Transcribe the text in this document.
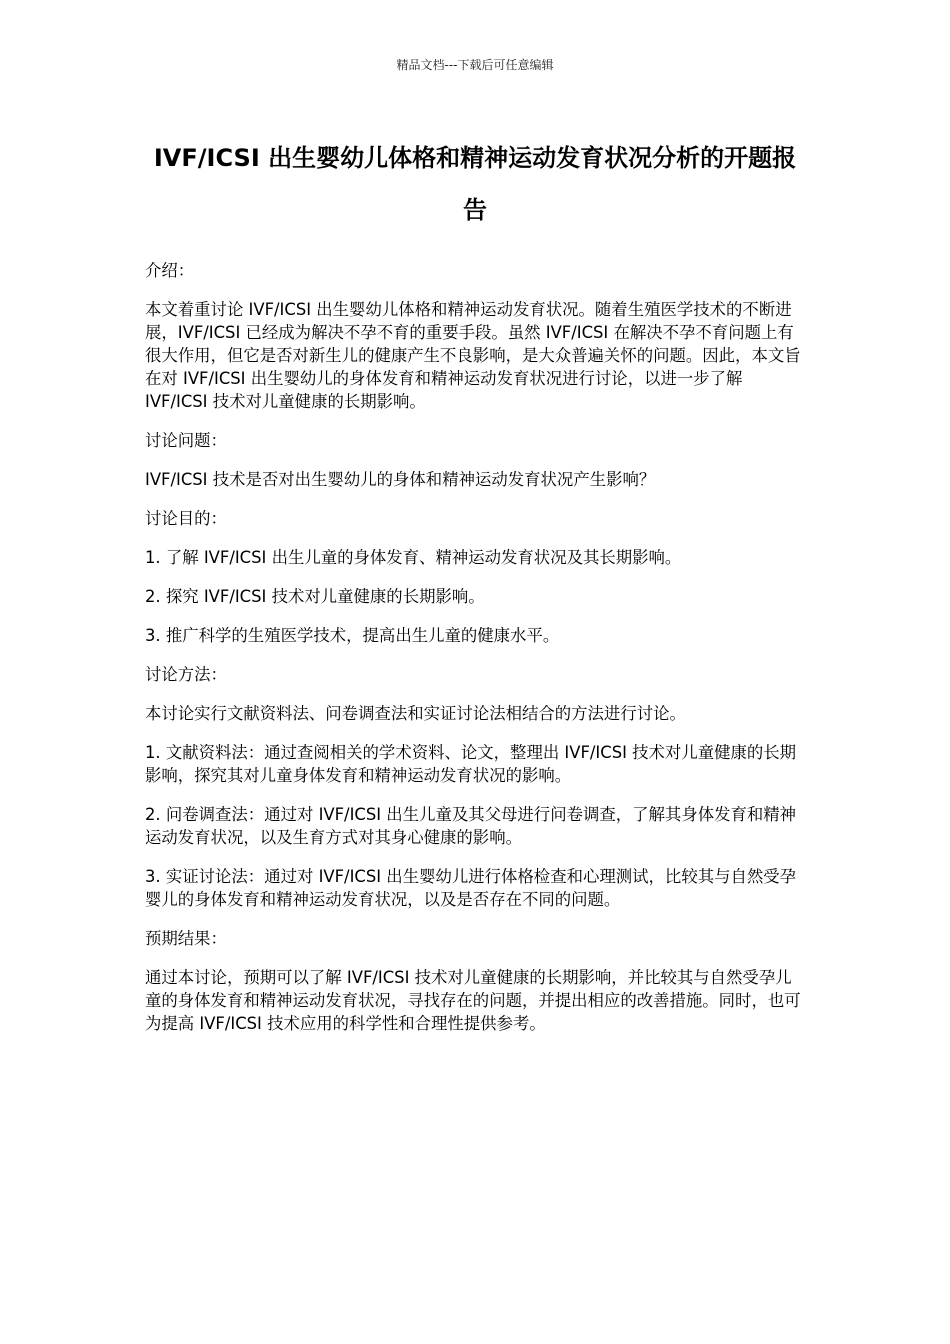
精品文档---下载后可任意编辑
IVF/ICSI 出生婴幼儿体格和精神运动发育状况分析的开题报告

介绍：

本文着重讨论 IVF/ICSI 出生婴幼儿体格和精神运动发育状况。随着生殖医学技术的不断进展，IVF/ICSI 已经成为解决不孕不育的重要手段。虽然 IVF/ICSI 在解决不孕不育问题上有很大作用，但它是否对新生儿的健康产生不良影响，是大众普遍关怀的问题。因此，本文旨在对 IVF/ICSI 出生婴幼儿的身体发育和精神运动发育状况进行讨论，以进一步了解 IVF/ICSI 技术对儿童健康的长期影响。

讨论问题：

IVF/ICSI 技术是否对出生婴幼儿的身体和精神运动发育状况产生影响？

讨论目的：

1. 了解 IVF/ICSI 出生儿童的身体发育、精神运动发育状况及其长期影响。

2. 探究 IVF/ICSI 技术对儿童健康的长期影响。

3. 推广科学的生殖医学技术，提高出生儿童的健康水平。

讨论方法：

本讨论实行文献资料法、问卷调查法和实证讨论法相结合的方法进行讨论。

1. 文献资料法：通过查阅相关的学术资料、论文，整理出 IVF/ICSI 技术对儿童健康的长期影响，探究其对儿童身体发育和精神运动发育状况的影响。

2. 问卷调查法：通过对 IVF/ICSI 出生儿童及其父母进行问卷调查，了解其身体发育和精神运动发育状况，以及生育方式对其身心健康的影响。

3. 实证讨论法：通过对 IVF/ICSI 出生婴幼儿进行体格检查和心理测试，比较其与自然受孕婴儿的身体发育和精神运动发育状况，以及是否存在不同的问题。

预期结果：

通过本讨论，预期可以了解 IVF/ICSI 技术对儿童健康的长期影响，并比较其与自然受孕儿童的身体发育和精神运动发育状况，寻找存在的问题，并提出相应的改善措施。同时，也可为提高 IVF/ICSI 技术应用的科学性和合理性提供参考。
